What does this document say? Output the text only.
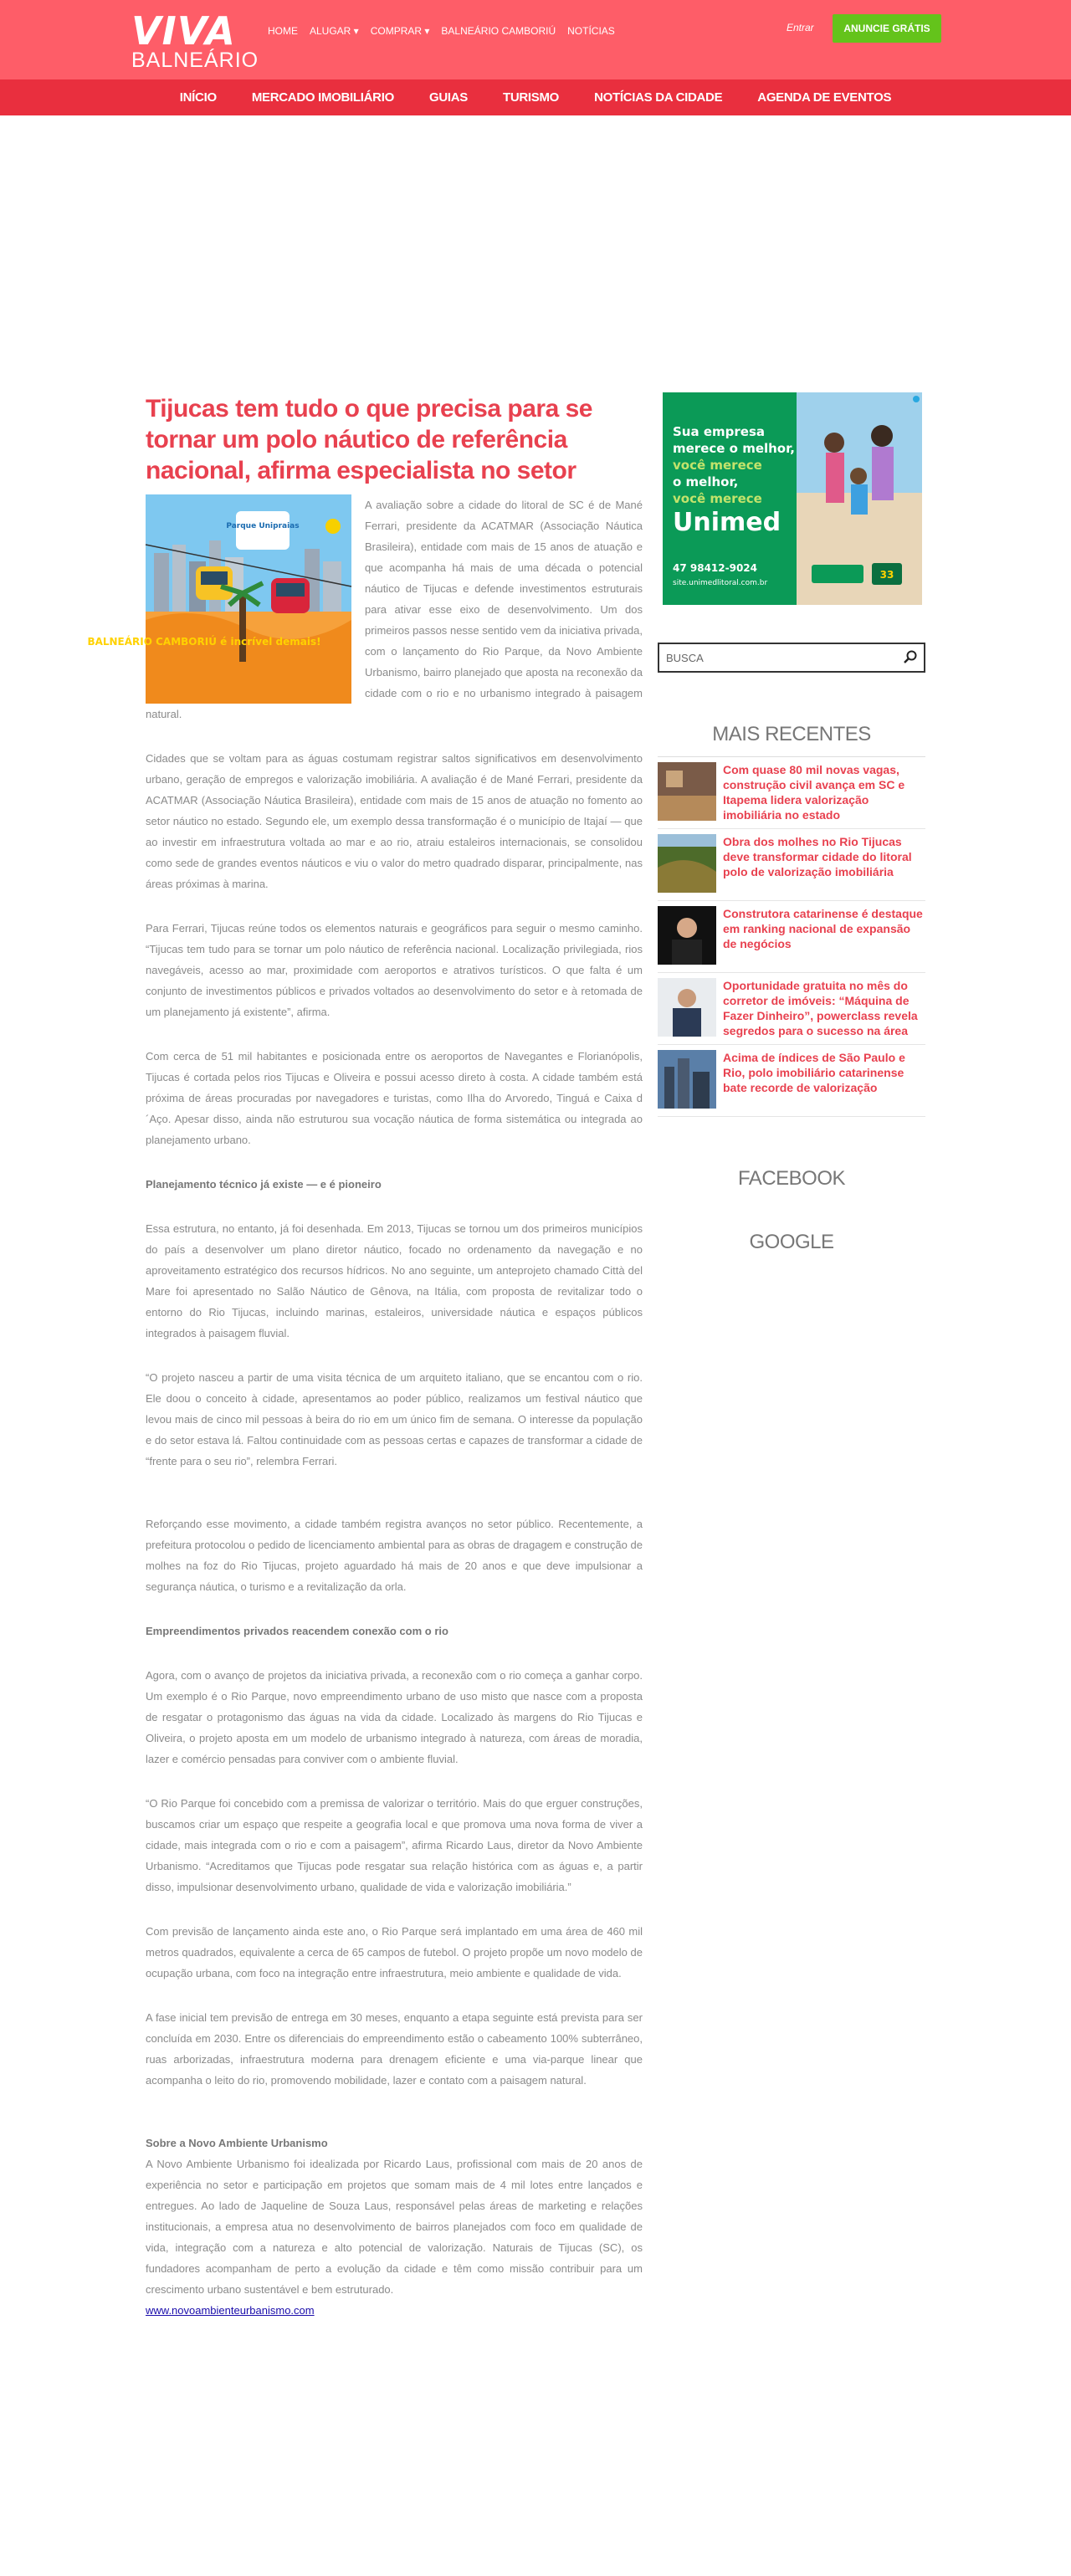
VIVA
BALNEÁRIO
HOME ALUGAR ▾ COMPRAR ▾ BALNEÁRIO CAMBORIÚ NOTÍCIAS	Entrar	ANUNCIE GRÁTIS
INÍCIO	MERCADO IMOBILIÁRIO	GUIAS	TURISMO	NOTÍCIAS DA CIDADE	AGENDA DE EVENTOS
Tijucas tem tudo o que precisa para se tornar um polo náutico de referência nacional, afirma especialista no setor
Parque Unipraias
BALNEÁRIO CAMBORIÚ é incrível demais!

A avaliação sobre a cidade do litoral de SC é de Mané Ferrari, presidente da ACATMAR (Associação Náutica Brasileira), entidade com mais de 15 anos de atuação e que acompanha há mais de uma década o potencial náutico de Tijucas e defende investimentos estruturais para ativar esse eixo de desenvolvimento. Um dos primeiros passos nesse sentido vem da iniciativa privada, com o lançamento do Rio Parque, da Novo Ambiente Urbanismo, bairro planejado que aposta na reconexão da cidade com o rio e no urbanismo integrado à paisagem natural.

Cidades que se voltam para as águas costumam registrar saltos significativos em desenvolvimento urbano, geração de empregos e valorização imobiliária. A avaliação é de Mané Ferrari, presidente da ACATMAR (Associação Náutica Brasileira), entidade com mais de 15 anos de atuação no fomento ao setor náutico no estado. Segundo ele, um exemplo dessa transformação é o município de Itajaí — que ao investir em infraestrutura voltada ao mar e ao rio, atraiu estaleiros internacionais, se consolidou como sede de grandes eventos náuticos e viu o valor do metro quadrado disparar, principalmente, nas áreas próximas à marina.

Para Ferrari, Tijucas reúne todos os elementos naturais e geográficos para seguir o mesmo caminho. “Tijucas tem tudo para se tornar um polo náutico de referência nacional. Localização privilegiada, rios navegáveis, acesso ao mar, proximidade com aeroportos e atrativos turísticos. O que falta é um conjunto de investimentos públicos e privados voltados ao desenvolvimento do setor e à retomada de um planejamento já existente”, afirma.

Com cerca de 51 mil habitantes e posicionada entre os aeroportos de Navegantes e Florianópolis, Tijucas é cortada pelos rios Tijucas e Oliveira e possui acesso direto à costa. A cidade também está próxima de áreas procuradas por navegadores e turistas, como Ilha do Arvoredo, Tinguá e Caixa d´Aço. Apesar disso, ainda não estruturou sua vocação náutica de forma sistemática ou integrada ao planejamento urbano.

Planejamento técnico já existe — e é pioneiro

Essa estrutura, no entanto, já foi desenhada. Em 2013, Tijucas se tornou um dos primeiros municípios do país a desenvolver um plano diretor náutico, focado no ordenamento da navegação e no aproveitamento estratégico dos recursos hídricos. No ano seguinte, um anteprojeto chamado Città del Mare foi apresentado no Salão Náutico de Gênova, na Itália, com proposta de revitalizar todo o entorno do Rio Tijucas, incluindo marinas, estaleiros, universidade náutica e espaços públicos integrados à paisagem fluvial.

“O projeto nasceu a partir de uma visita técnica de um arquiteto italiano, que se encantou com o rio. Ele doou o conceito à cidade, apresentamos ao poder público, realizamos um festival náutico que levou mais de cinco mil pessoas à beira do rio em um único fim de semana. O interesse da população e do setor estava lá. Faltou continuidade com as pessoas certas e capazes de transformar a cidade de “frente para o seu rio”, relembra Ferrari.

Reforçando esse movimento, a cidade também registra avanços no setor público. Recentemente, a prefeitura protocolou o pedido de licenciamento ambiental para as obras de dragagem e construção de molhes na foz do Rio Tijucas, projeto aguardado há mais de 20 anos e que deve impulsionar a segurança náutica, o turismo e a revitalização da orla.

Empreendimentos privados reacendem conexão com o rio

Agora, com o avanço de projetos da iniciativa privada, a reconexão com o rio começa a ganhar corpo. Um exemplo é o Rio Parque, novo empreendimento urbano de uso misto que nasce com a proposta de resgatar o protagonismo das águas na vida da cidade. Localizado às margens do Rio Tijucas e Oliveira, o projeto aposta em um modelo de urbanismo integrado à natureza, com áreas de moradia, lazer e comércio pensadas para conviver com o ambiente fluvial.

“O Rio Parque foi concebido com a premissa de valorizar o território. Mais do que erguer construções, buscamos criar um espaço que respeite a geografia local e que promova uma nova forma de viver a cidade, mais integrada com o rio e com a paisagem”, afirma Ricardo Laus, diretor da Novo Ambiente Urbanismo. “Acreditamos que Tijucas pode resgatar sua relação histórica com as águas e, a partir disso, impulsionar desenvolvimento urbano, qualidade de vida e valorização imobiliária.”

Com previsão de lançamento ainda este ano, o Rio Parque será implantado em uma área de 460 mil metros quadrados, equivalente a cerca de 65 campos de futebol. O projeto propõe um novo modelo de ocupação urbana, com foco na integração entre infraestrutura, meio ambiente e qualidade de vida.

A fase inicial tem previsão de entrega em 30 meses, enquanto a etapa seguinte está prevista para ser concluída em 2030. Entre os diferenciais do empreendimento estão o cabeamento 100% subterrâneo, ruas arborizadas, infraestrutura moderna para drenagem eficiente e uma via-parque linear que acompanha o leito do rio, promovendo mobilidade, lazer e contato com a paisagem natural.

Sobre a Novo Ambiente Urbanismo

A Novo Ambiente Urbanismo foi idealizada por Ricardo Laus, profissional com mais de 20 anos de experiência no setor e participação em projetos que somam mais de 4 mil lotes entre lançados e entregues. Ao lado de Jaqueline de Souza Laus, responsável pelas áreas de marketing e relações institucionais, a empresa atua no desenvolvimento de bairros planejados com foco em qualidade de vida, integração com a natureza e alto potencial de valorização. Naturais de Tijucas (SC), os fundadores acompanham de perto a evolução da cidade e têm como missão contribuir para um crescimento urbano sustentável e bem estruturado.

www.novoambienteurbanismo.com
Sua empresa
merece o melhor,
você merece
o melhor,
você merece
Unimed
47 98412-9024
site.unimedlitoral.com.br
33
BUSCA
MAIS RECENTES
Com quase 80 mil novas vagas, construção civil avança em SC e Itapema lidera valorização imobiliária no estado
Obra dos molhes no Rio Tijucas deve transformar cidade do litoral polo de valorização imobiliária
Construtora catarinense é destaque em ranking nacional de expansão de negócios
Oportunidade gratuita no mês do corretor de imóveis: “Máquina de Fazer Dinheiro”, powerclass revela segredos para o sucesso na área
Acima de índices de São Paulo e Rio, polo imobiliário catarinense bate recorde de valorização
FACEBOOK
GOOGLE
